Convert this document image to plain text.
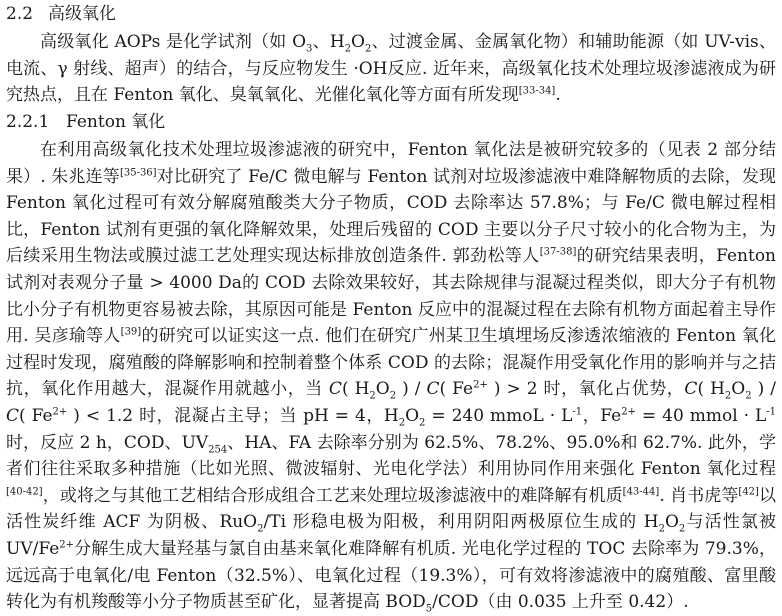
2.2 高级氧化

高级氧化 AOPs 是化学试剂（如 $O_3$、$H_2O_2$、过渡金属、金属氧化物）和辅助能源（如 UV-vis、电流、γ 射线、超声）的结合，与反应物发生 ·OH反应. 近年来，高级氧化技术处理垃圾渗滤液成为研究热点，且在 Fenton 氧化、臭氧氧化、光催化氧化等方面有所发现[33-34].

2.2.1 Fenton 氧化

在利用高级氧化技术处理垃圾渗滤液的研究中，Fenton 氧化法是被研究较多的（见表 2 部分结果）. 朱兆连等[35-36]对比研究了 Fe/C 微电解与 Fenton 试剂对垃圾渗滤液中难降解物质的去除，发现 Fenton 氧化过程可有效分解腐殖酸类大分子物质，COD 去除率达 57.8%；与 Fe/C 微电解过程相比，Fenton 试剂有更强的氧化降解效果，处理后残留的 COD 主要以分子尺寸较小的化合物为主，为后续采用生物法或膜过滤工艺处理实现达标排放创造条件. 郭劲松等人[37-38]的研究结果表明，Fenton 试剂对表观分子量 > 4000 Da的 COD 去除效果较好，其去除规律与混凝过程类似，即大分子有机物比小分子有机物更容易被去除，其原因可能是 Fenton 反应中的混凝过程在去除有机物方面起着主导作用. 吴彦瑜等人[39]的研究可以证实这一点. 他们在研究广州某卫生填埋场反渗透浓缩液的 Fenton 氧化过程时发现，腐殖酸的降解影响和控制着整个体系 COD 的去除；混凝作用受氧化作用的影响并与之拮抗，氧化作用越大，混凝作用就越小，当 C( $H_2O_2$ ) / C( $Fe^{2+}$ ) > 2 时，氧化占优势，C( $H_2O_2$ ) / C( $Fe^{2+}$ ) < 1.2 时，混凝占主导；当 pH = 4，$H_2O_2 = 240$ mmoL · $L^{-1}$，$Fe^{2+} = 40$ mmol · $L^{-1}$时，反应 2 h，COD、$UV_{254}$、HA、FA 去除率分别为 62.5%、78.2%、95.0%和 62.7%. 此外，学者们往往采取多种措施（比如光照、微波辐射、光电化学法）利用协同作用来强化 Fenton 氧化过程[40-42]，或将之与其他工艺相结合形成组合工艺来处理垃圾渗滤液中的难降解有机质[43-44]. 肖书虎等[42]以活性炭纤维 ACF 为阴极、RuO$_2$/Ti 形稳电极为阳极，利用阴阳两极原位生成的 $H_2O_2$与活性氯被 $UV/Fe^{2+}$分解生成大量羟基与氯自由基来氧化难降解有机质. 光电化学过程的 TOC 去除率为 79.3%，远远高于电氧化/电 Fenton（32.5%）、电氧化过程（19.3%），可有效将渗滤液中的腐殖酸、富里酸转化为有机羧酸等小分子物质甚至矿化，显著提高 $BOD_5/COD$（由 0.035 上升至 0.42）.
